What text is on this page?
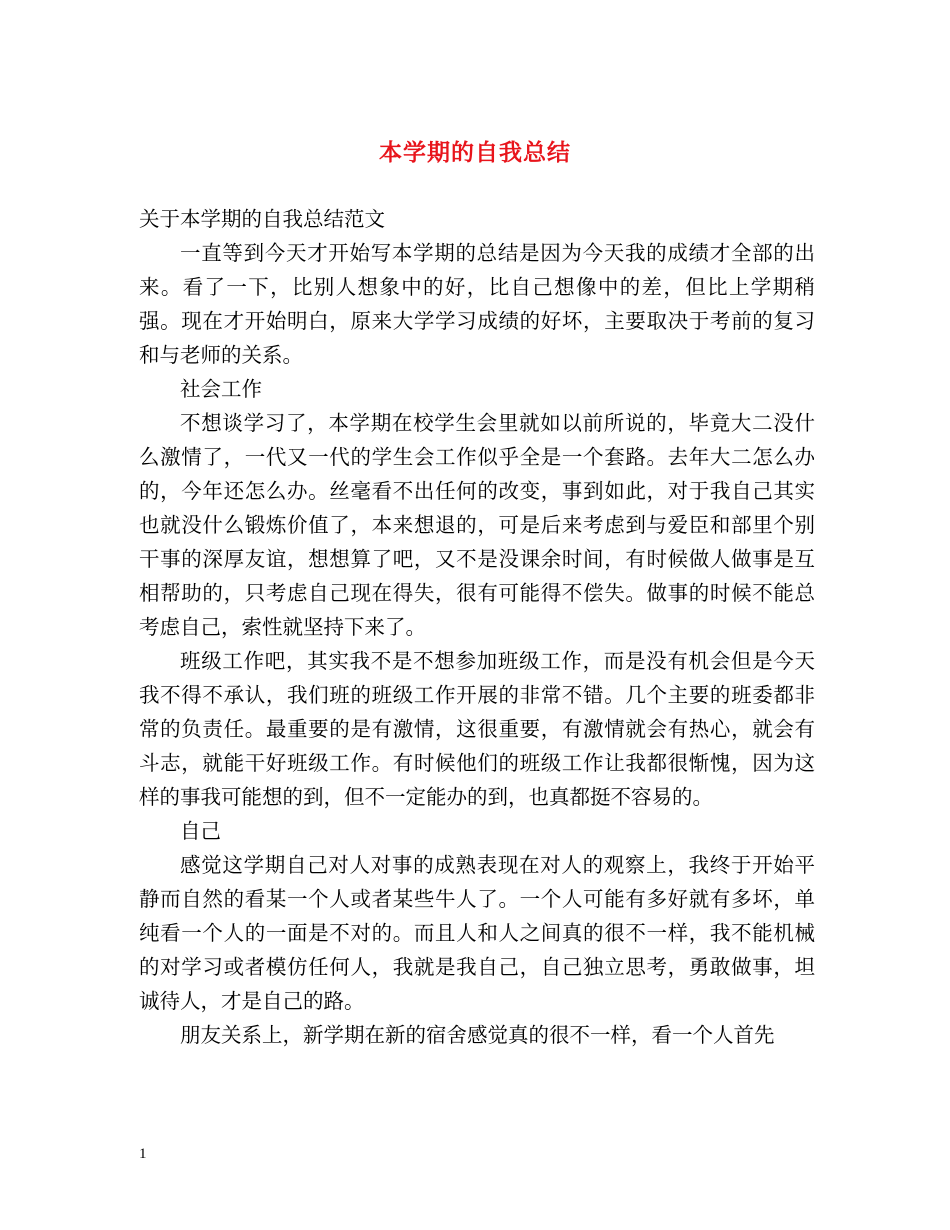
本学期的自我总结

关于本学期的自我总结范文

一直等到今天才开始写本学期的总结是因为今天我的成绩才全部的出来。看了一下，比别人想象中的好，比自己想像中的差，但比上学期稍强。现在才开始明白，原来大学学习成绩的好坏，主要取决于考前的复习和与老师的关系。

社会工作

不想谈学习了，本学期在校学生会里就如以前所说的，毕竟大二没什么激情了，一代又一代的学生会工作似乎全是一个套路。去年大二怎么办的，今年还怎么办。丝毫看不出任何的改变，事到如此，对于我自己其实也就没什么锻炼价值了，本来想退的，可是后来考虑到与爱臣和部里个别干事的深厚友谊，想想算了吧，又不是没课余时间，有时候做人做事是互相帮助的，只考虑自己现在得失，很有可能得不偿失。做事的时候不能总考虑自己，索性就坚持下来了。

班级工作吧，其实我不是不想参加班级工作，而是没有机会但是今天我不得不承认，我们班的班级工作开展的非常不错。几个主要的班委都非常的负责任。最重要的是有激情，这很重要，有激情就会有热心，就会有斗志，就能干好班级工作。有时候他们的班级工作让我都很惭愧，因为这样的事我可能想的到，但不一定能办的到，也真都挺不容易的。

自己

感觉这学期自己对人对事的成熟表现在对人的观察上，我终于开始平静而自然的看某一个人或者某些牛人了。一个人可能有多好就有多坏，单纯看一个人的一面是不对的。而且人和人之间真的很不一样，我不能机械的对学习或者模仿任何人，我就是我自己，自己独立思考，勇敢做事，坦诚待人，才是自己的路。

朋友关系上，新学期在新的宿舍感觉真的很不一样，看一个人首先

1
